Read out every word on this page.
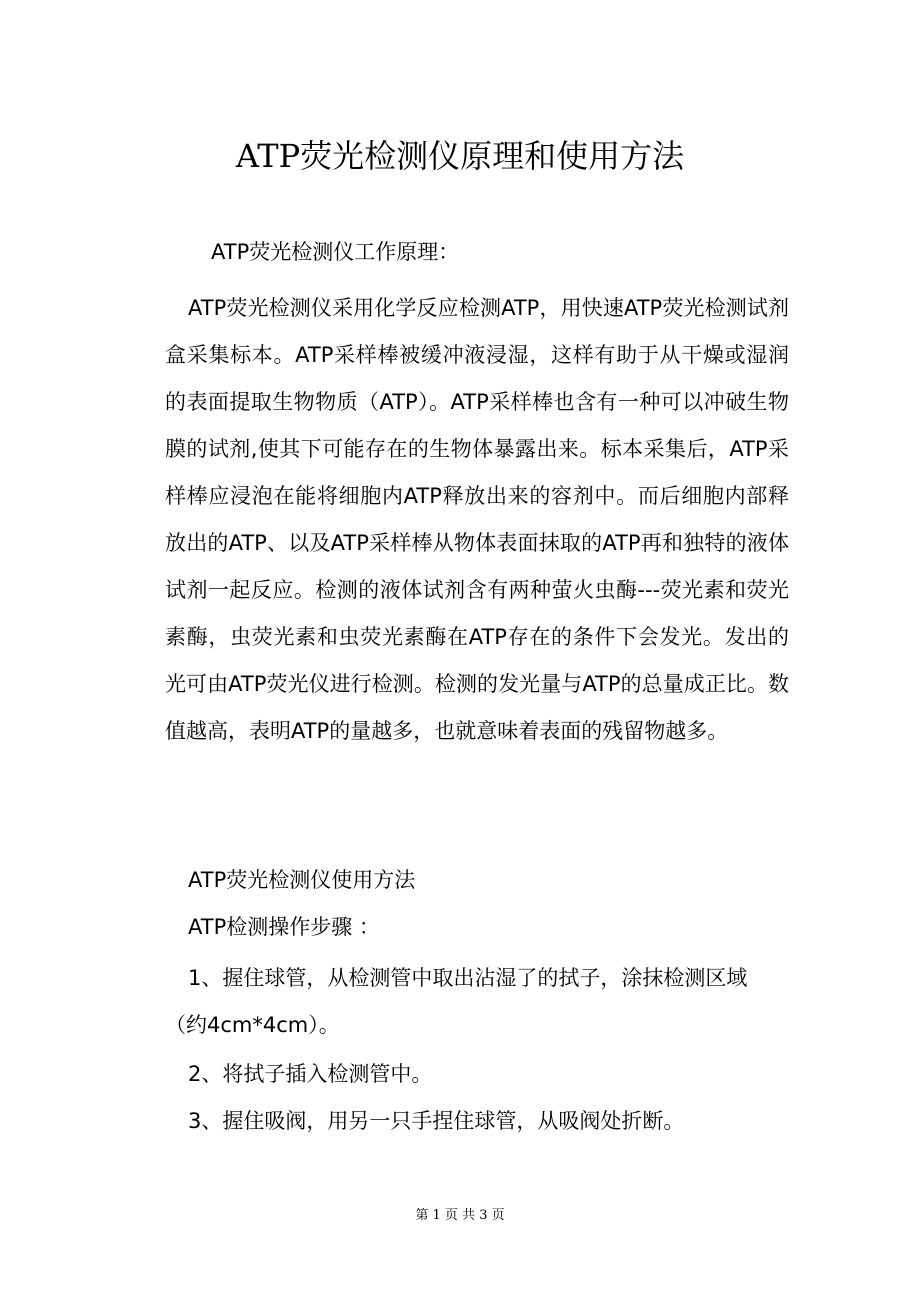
ATP荧光检测仪原理和使用方法

ATP荧光检测仪工作原理：

ATP荧光检测仪采用化学反应检测ATP，用快速ATP荧光检测试剂盒采集标本。ATP采样棒被缓冲液浸湿，这样有助于从干燥或湿润的表面提取生物物质（ATP）。ATP采样棒也含有一种可以冲破生物膜的试剂,使其下可能存在的生物体暴露出来。标本采集后，ATP采样棒应浸泡在能将细胞内ATP释放出来的容剂中。而后细胞内部释放出的ATP、以及ATP采样棒从物体表面抹取的ATP再和独特的液体试剂一起反应。检测的液体试剂含有两种萤火虫酶---荧光素和荧光素酶，虫荧光素和虫荧光素酶在ATP存在的条件下会发光。发出的光可由ATP荧光仪进行检测。检测的发光量与ATP的总量成正比。数值越高，表明ATP的量越多，也就意味着表面的残留物越多。

ATP荧光检测仪使用方法

ATP检测操作步骤 ：

1、握住球管，从检测管中取出沾湿了的拭子，涂抹检测区域（约4cm*4cm）。

2、将拭子插入检测管中。

3、握住吸阀，用另一只手捏住球管，从吸阀处折断。

第 1 页 共 3 页
